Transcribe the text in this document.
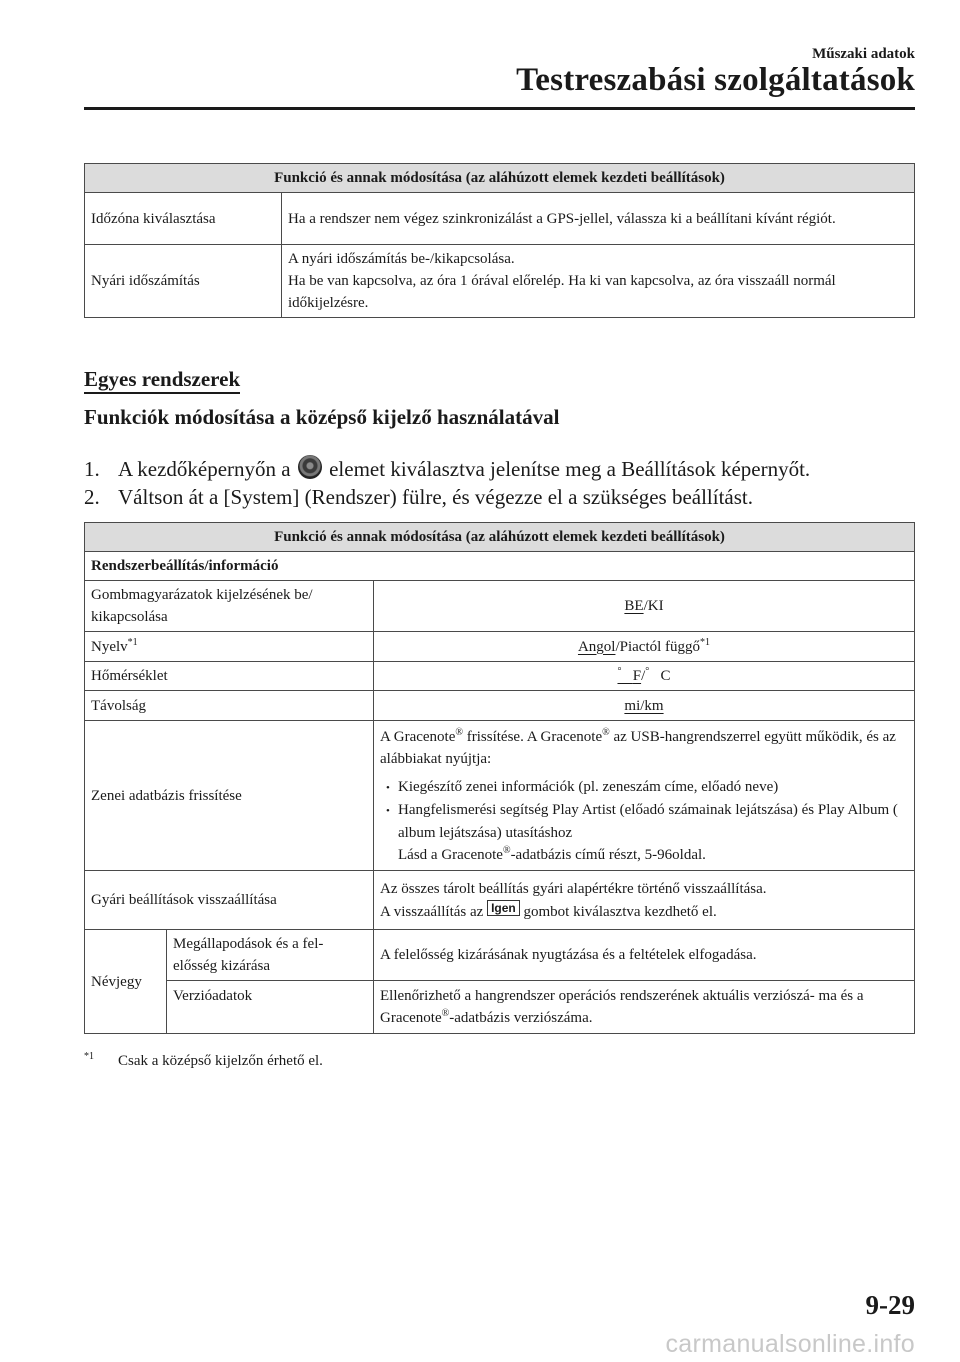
Műszaki adatok
Testreszabási szolgáltatások
Funkció és annak módosítása (az aláhúzott elemek kezdeti beállítások)	
Időzóna kiválasztása	Ha a rendszer nem végez szinkronizálást a GPS-jellel, válassza ki a beállítani kívánt régiót.
Nyári időszámítás	A nyári időszámítás be-/kikapcsolása.
Ha be van kapcsolva, az óra 1 órával előrelép. Ha ki van kapcsolva, az óra visszaáll normál időkijelzésre.
Egyes rendszerek
Funkciók módosítása a középső kijelző használatával
1. A kezdőképernyőn a elemet kiválasztva jelenítse meg a Beállítások képernyőt.
2. Váltson át a [System] (Rendszer) fülre, és végezze el a szükséges beállítást.
Funkció és annak módosítása (az aláhúzott elemek kezdeti beállítások)		
Rendszerbeállítás/információ		
Gombmagyarázatok kijelzésének be/ kikapcsolása		BE/KI
Nyelv$^{*1}$		Angol/Piactól függő$^{*1}$
Hőmérséklet		° F/° C
Távolság		mi/km
Zenei adatbázis frissítése		A Gracenote® frissítése. A Gracenote® az USB-hangrendszerrel együtt működik, és az alábbiakat nyújtja:
• Kiegészítő zenei információk (pl. zeneszám címe, előadó neve)
• Hangfelismerési segítség Play Artist (előadó számainak lejátszása) és Play Album ( album lejátszása) utasításhoz
Lásd a Gracenote®-adatbázis című részt, 5-96oldal.

Gyári beállítások visszaállítása		Az összes tárolt beállítás gyári alapértékre történő visszaállítása.
A visszaállítás az Igen gombot kiválasztva kezdhető el.

Névjegy	Megállapodások és a fel- elősség kizárása	A felelősség kizárásának nyugtázása és a feltételek elfogadása.
	Verzióadatok	Ellenőrizhető a hangrendszer operációs rendszerének aktuális verziószá- ma és a Gracenote®-adatbázis verziószáma.
$^{*1}$ Csak a középső kijelzőn érhető el.
9-29
carmanualsonline.info
